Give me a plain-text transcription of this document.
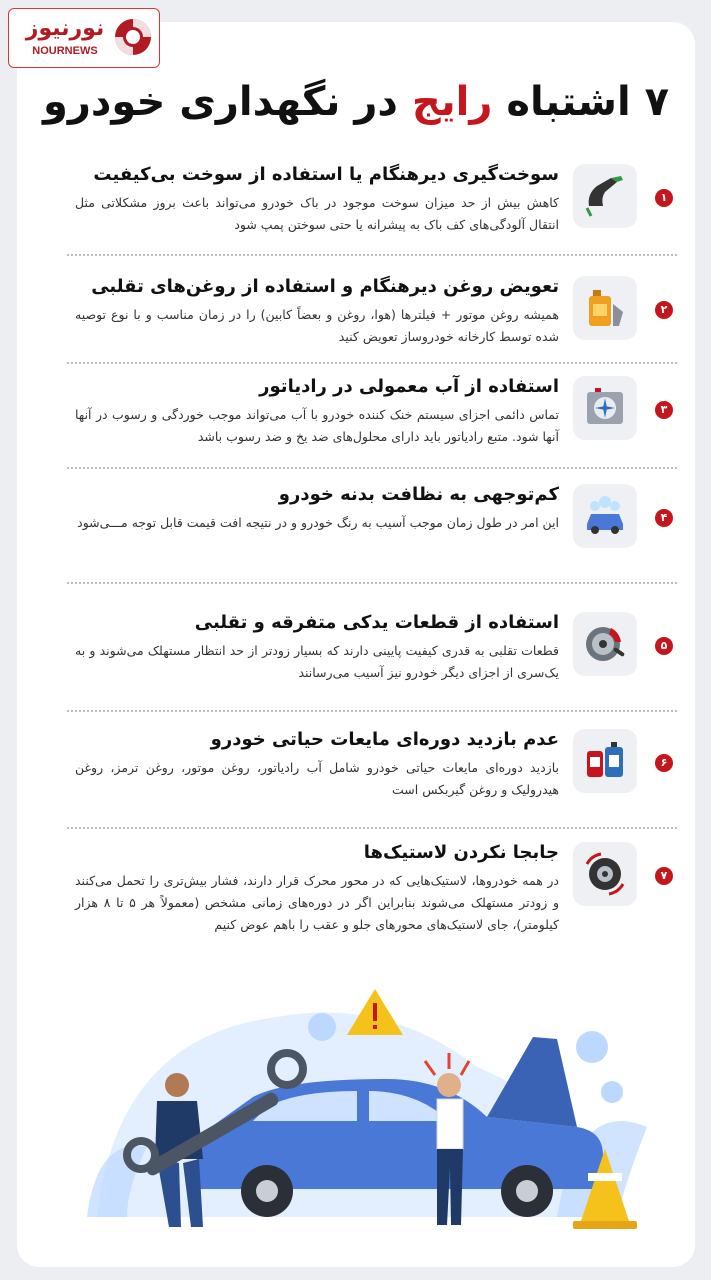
نورنیوز
NOURNEWS
۷ اشتباه رایج در نگهداری خودرو
۱
سوخت‌گیری دیرهنگام یا استفاده از سوخت بی‌کیفیت

کاهش بیش از حد میزان سوخت موجود در باک خودرو می‌تواند باعث بروز مشکلاتی مثل انتقال آلودگی‌های کف باک به پیشرانه یا حتی سوختن پمپ شود

۲
تعویض روغن دیرهنگام و استفاده از روغن‌های تقلبی

همیشه روغن موتور + فیلترها (هوا، روغن و بعضاً کابین) را در زمان مناسب و با نوع توصیه شده توسط کارخانه خودروساز تعویض کنید

۳
استفاده از آب معمولی در رادیاتور

تماس دائمی اجزای سیستم خنک کننده خودرو با آب می‌تواند موجب خوردگی و رسوب در آنها آنها شود. متبع رادیاتور باید دارای محلول‌های ضد یخ و ضد رسوب باشد

۴
کم‌توجهی به نظافت بدنه خودرو

این امر در طول زمان موجب آسیب به رنگ خودرو و در نتیجه افت قیمت قابل توجه مـــی‌شود

۵
استفاده از قطعات یدکی متفرقه و تقلبی

قطعات تقلبی به قدری کیفیت پایینی دارند که بسیار زودتر از حد انتظار مستهلک می‌شوند و به یک‌سری از اجزای دیگر خودرو نیز آسیب می‌رسانند

۶
عدم بازدید دوره‌ای مایعات حیاتی خودرو

بازدید دوره‌ای مایعات حیاتی خودرو شامل آب رادیاتور، روغن موتور، روغن ترمز، روغن هیدرولیک و روغن گیربکس است

۷
جابجا نکردن لاستیک‌ها

در همه خودروها، لاستیک‌هایی که در محور محرک قرار دارند، فشار بیش‌تری را تحمل می‌کنند و زودتر مستهلک می‌شوند بنابراین اگر در دوره‌های زمانی مشخص (معمولاً هر ۵ تا ۸ هزار کیلومتر)، جای لاستیک‌های محورهای جلو و عقب را باهم عوض کنیم
